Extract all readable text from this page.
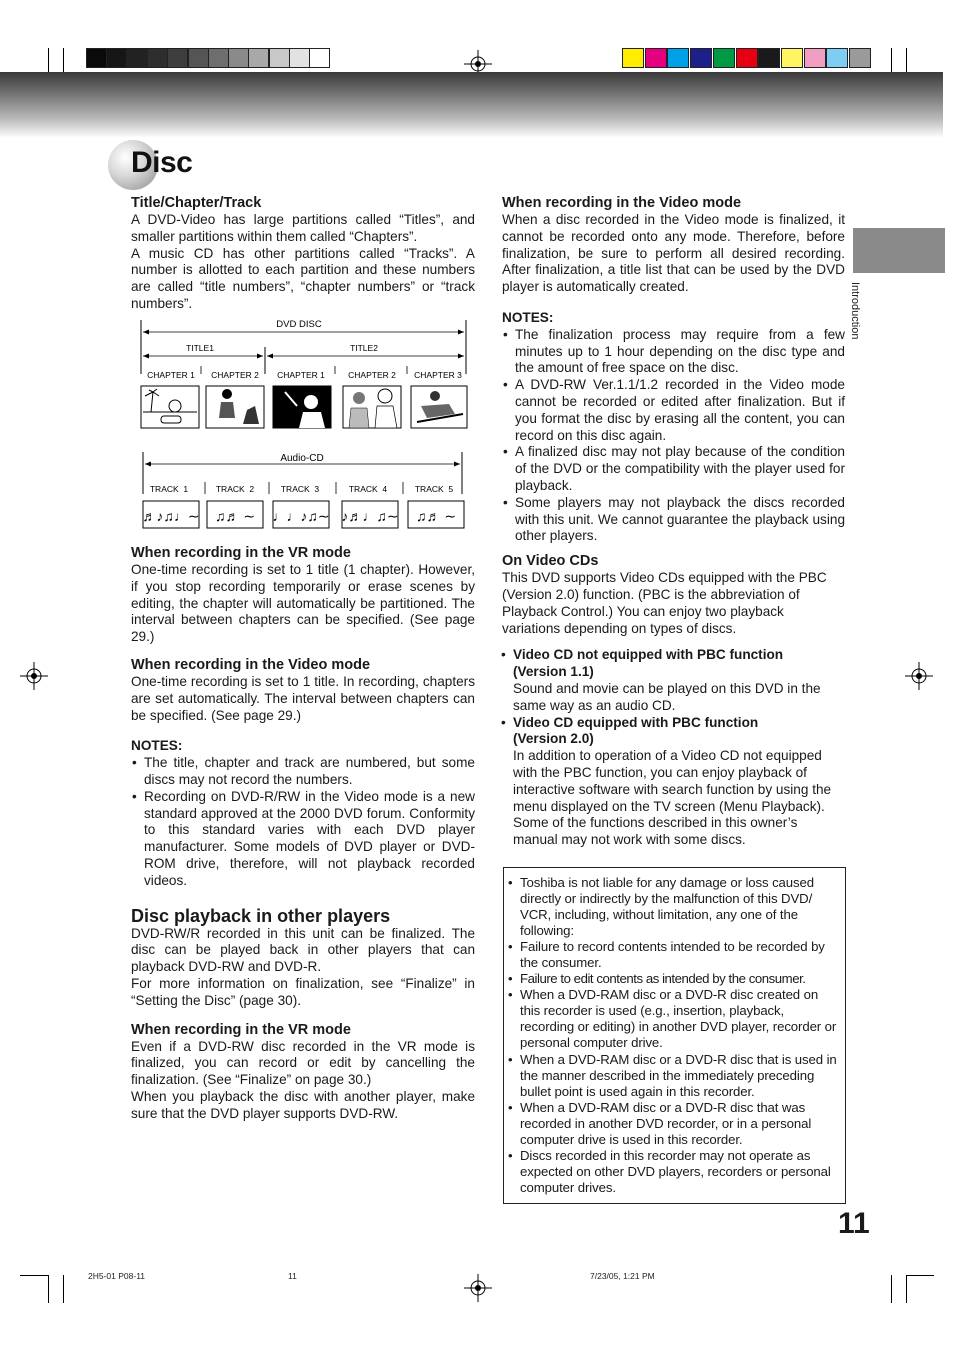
Disc
Introduction

Title/Chapter/Track

A DVD-Video has large partitions called “Titles”, and smaller partitions within them called “Chapters”.

A music CD has other partitions called “Tracks”. A number is allotted to each partition and these numbers are called “title numbers”, “chapter numbers” or “track numbers”.

DVD DISC
TITLE1	TITLE2
CHAPTER 1 CHAPTER 2 CHAPTER 1	CHAPTER 2 CHAPTER 3
Audio-CD
TRACK  1	TRACK  2	TRACK  3	TRACK  4	TRACK  5
♬♪♫♩∼ ♫♬ ∼ ♩♩♪♫∼ ♪♬♩♫∼ ♫♬ ∼

When recording in the VR mode

One-time recording is set to 1 title (1 chapter). However, if you stop recording temporarily or erase scenes by editing, the chapter will automatically be partitioned. The interval between chapters can be specified. (See page 29.)

When recording in the Video mode

One-time recording is set to 1 title. In recording, chapters are set automatically. The interval between chapters can be specified. (See page 29.)

NOTES:

• The title, chapter and track are numbered, but some discs may not record the numbers.
• Recording on DVD-R/RW in the Video mode is a new standard approved at the 2000 DVD forum. Conformity to this standard varies with each DVD player manufacturer. Some models of DVD player or DVD-ROM drive, therefore, will not playback recorded videos.

Disc playback in other players

DVD-RW/R recorded in this unit can be finalized. The disc can be played back in other players that can playback DVD-RW and DVD-R.

For more information on finalization, see “Finalize” in “Setting the Disc” (page 30).

When recording in the VR mode

Even if a DVD-RW disc recorded in the VR mode is finalized, you can record or edit by cancelling the finalization. (See “Finalize” on page 30.)

When you playback the disc with another player, make sure that the DVD player supports DVD-RW.

When recording in the Video mode

When a disc recorded in the Video mode is finalized, it cannot be recorded onto any mode. Therefore, before finalization, be sure to perform all desired recording. After finalization, a title list that can be used by the DVD player is automatically created.

NOTES:

• The finalization process may require from a few minutes up to 1 hour depending on the disc type and the amount of free space on the disc.
• A DVD-RW Ver.1.1/1.2 recorded in the Video mode cannot be recorded or edited after finalization. But if you format the disc by erasing all the content, you can record on this disc again.
• A finalized disc may not play because of the condition of the DVD or the compatibility with the player used for playback.
• Some players may not playback the discs recorded with this unit. We cannot guarantee the playback using other players.

On Video CDs

This DVD supports Video CDs equipped with the PBC (Version 2.0) function. (PBC is the abbreviation of Playback Control.) You can enjoy two playback variations depending on types of discs.

• Video CD not equipped with PBC function (Version 1.1)
Sound and movie can be played on this DVD in the same way as an audio CD.
• Video CD equipped with PBC function (Version 2.0)
In addition to operation of a Video CD not equipped with the PBC function, you can enjoy playback of interactive software with search function by using the menu displayed on the TV screen (Menu Playback). Some of the functions described in this owner’s manual may not work with some discs.
• Toshiba is not liable for any damage or loss caused directly or indirectly by the malfunction of this DVD/ VCR, including, without limitation, any one of the following:
• Failure to record contents intended to be recorded by the consumer.
• Failure to edit contents as intended by the consumer.
• When a DVD-RAM disc or a DVD-R disc created on this recorder is used (e.g., insertion, playback, recording or editing) in another DVD player, recorder or personal computer drive.
• When a DVD-RAM disc or a DVD-R disc that is used in the manner described in the immediately preceding bullet point is used again in this recorder.
• When a DVD-RAM disc or a DVD-R disc that was recorded in another DVD recorder, or in a personal computer drive is used in this recorder.
• Discs recorded in this recorder may not operate as expected on other DVD players, recorders or personal computer drives.
11
2H5-01 P08-11	11	7/23/05, 1:21 PM
